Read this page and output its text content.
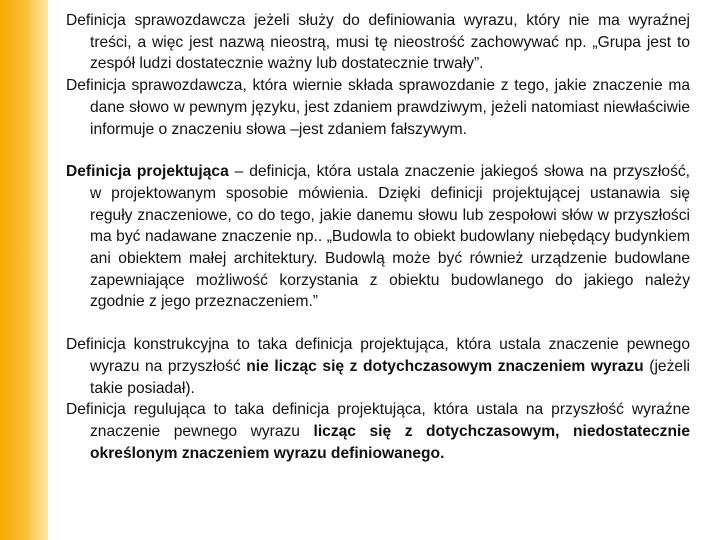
Definicja sprawozdawcza jeżeli służy do definiowania wyrazu, który nie ma wyraźnej treści, a więc jest nazwą nieostrą, musi tę nieostrość zachowywać np. „Grupa jest to zespół ludzi dostatecznie ważny lub dostatecznie trwały”.

Definicja sprawozdawcza, która wiernie składa sprawozdanie z tego, jakie znaczenie ma dane słowo w pewnym języku, jest zdaniem prawdziwym, jeżeli natomiast niewłaściwie informuje o znaczeniu słowa –jest zdaniem fałszywym.

Definicja projektująca – definicja, która ustala znaczenie jakiegoś słowa na przyszłość, w projektowanym sposobie mówienia. Dzięki definicji projektującej ustanawia się reguły znaczeniowe, co do tego, jakie danemu słowu lub zespołowi słów w przyszłości ma być nadawane znaczenie np.. „Budowla to obiekt budowlany niebędący budynkiem ani obiektem małej architektury. Budowlą może być również urządzenie budowlane zapewniające możliwość korzystania z obiektu budowlanego do jakiego należy zgodnie z jego przeznaczeniem.”

Definicja konstrukcyjna to taka definicja projektująca, która ustala znaczenie pewnego wyrazu na przyszłość nie licząc się z dotychczasowym znaczeniem wyrazu (jeżeli takie posiadał).

Definicja regulująca to taka definicja projektująca, która ustala na przyszłość wyraźne znaczenie pewnego wyrazu licząc się z dotychczasowym, niedostatecznie określonym znaczeniem wyrazu definiowanego.
